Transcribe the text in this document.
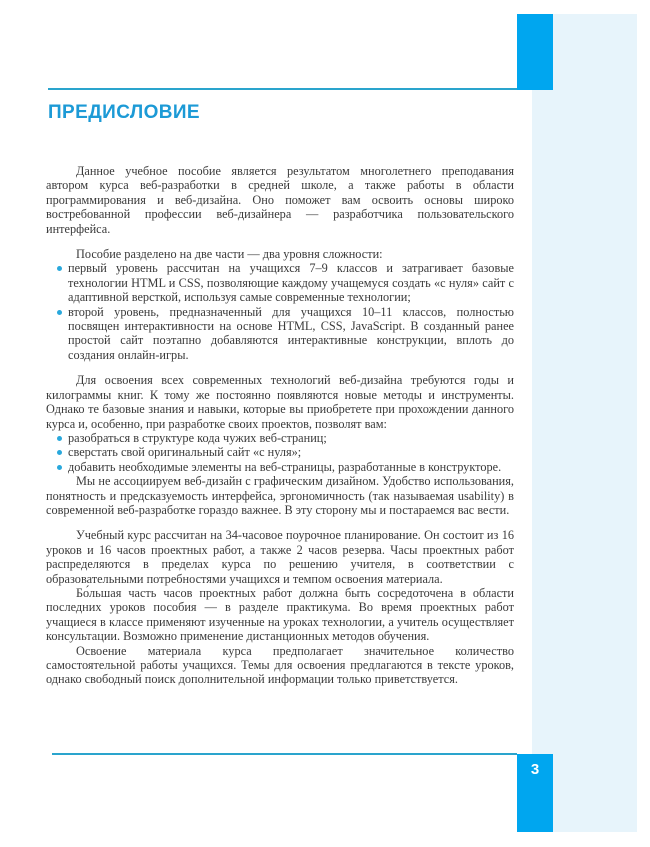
ПРЕДИСЛОВИЕ

Данное учебное пособие является результатом многолетнего преподавания автором курса веб-разработки в средней школе, а также работы в области программирования и веб-дизайна. Оно поможет вам освоить основы широко востребованной профессии веб-дизайнера — разработчика пользовательского интерфейса.

Пособие разделено на две части — два уровня сложности:

первый уровень рассчитан на учащихся 7–9 классов и затрагивает базовые технологии HTML и CSS, позволяющие каждому учащемуся создать «с нуля» сайт с адаптивной версткой, используя самые современные технологии;
второй уровень, предназначенный для учащихся 10–11 классов, полностью посвящен интерактивности на основе HTML, CSS, JavaScript. В созданный ранее простой сайт поэтапно добавляются интерактивные конструкции, вплоть до создания онлайн-игры.

Для освоения всех современных технологий веб-дизайна требуются годы и килограммы книг. К тому же постоянно появляются новые методы и инструменты. Однако те базовые знания и навыки, которые вы приобретете при прохождении данного курса и, особенно, при разработке своих проектов, позволят вам:

разобраться в структуре кода чужих веб-страниц;
сверстать свой оригинальный сайт «с нуля»;
добавить необходимые элементы на веб-страницы, разработанные в конструкторе.

Мы не ассоциируем веб-дизайн с графическим дизайном. Удобство использования, понятность и предсказуемость интерфейса, эргономичность (так называемая usability) в современной веб-разработке гораздо важнее. В эту сторону мы и постараемся вас вести.

Учебный курс рассчитан на 34-часовое поурочное планирование. Он состоит из 16 уроков и 16 часов проектных работ, а также 2 часов резерва. Часы проектных работ распределяются в пределах курса по решению учителя, в соответствии с образовательными потребностями учащихся и темпом освоения материала.

Бо́льшая часть часов проектных работ должна быть сосредоточена в области последних уроков пособия — в разделе практикума. Во время проектных работ учащиеся в классе применяют изученные на уроках технологии, а учитель осуществляет консультации. Возможно применение дистанционных методов обучения.

Освоение материала курса предполагает значительное количество самостоятельной работы учащихся. Темы для освоения предлагаются в тексте уроков, однако свободный поиск дополнительной информации только приветствуется.

3
